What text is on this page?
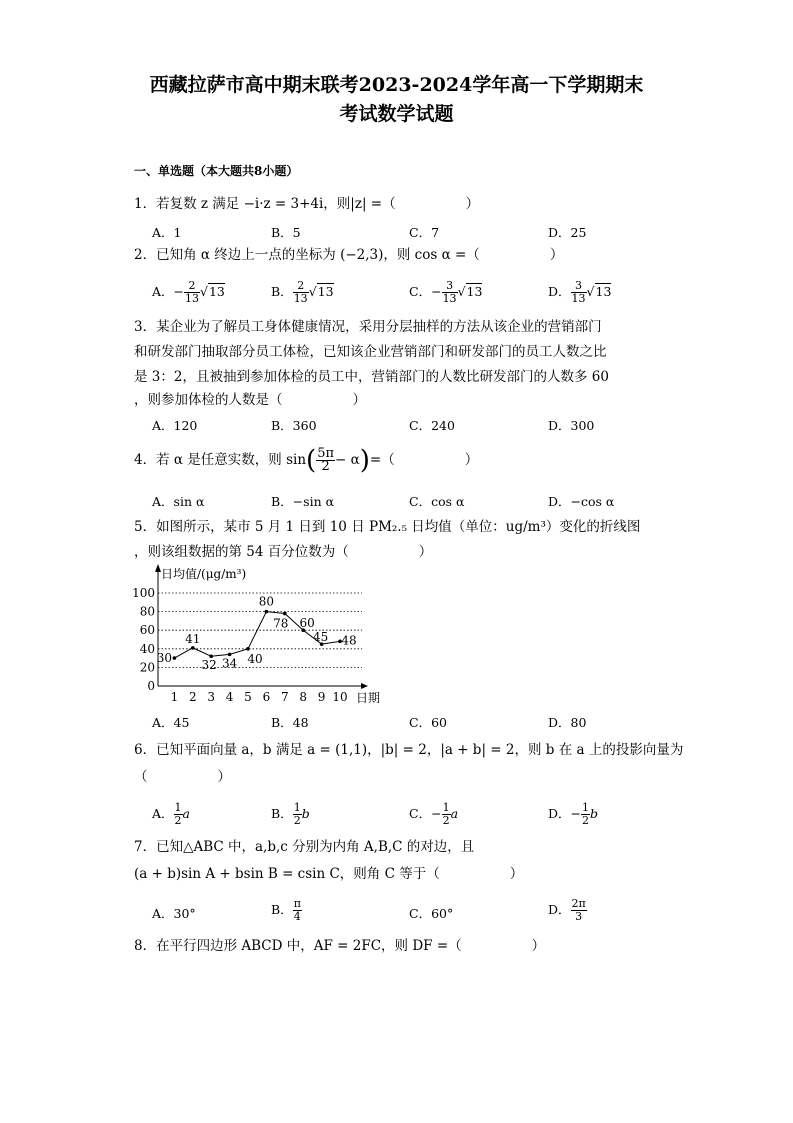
西藏拉萨市高中期末联考2023-2024学年高一下学期期末
考试数学试题
一、单选题（本大题共8小题）
1．若复数 z 满足 −i·z = 3+4i，则|z| =（	）
A．1	B．5	C．7	D．25
2．已知角 α 终边上一点的坐标为 (−2,3)，则 cos α =（	）
A．− $\frac{2}{13} √13$	B． $\frac{2}{13} √13$	C．− $\frac{3}{13} √13$	D． $\frac{3}{13} √13$
3．某企业为了解员工身体健康情况，采用分层抽样的方法从该企业的营销部门
和研发部门抽取部分员工体检，已知该企业营销部门和研发部门的员工人数之比
是 3：2，且被抽到参加体检的员工中，营销部门的人数比研发部门的人数多 60
，则参加体检的人数是（	）
A．120	B．360	C．240	D．300
4．若 α 是任意实数，则 $\sin( \frac{5\pi}{2} - \alpha)=$（	）
A．sin α	B．−sin α	C．cos α	D．−cos α
5．如图所示，某市 5 月 1 日到 10 日 PM₂.₅ 日均值（单位：ug/m³）变化的折线图
，则该组数据的第 54 百分位数为（	）
0
20
40
60
80
100
1 2 3 4 5 6 7 8 9 10
日均值/(μg/m³)
日期
30
41
32 34 40
80
78 60
45 48
A．45	B．48	C．60	D．80
6．已知平面向量 a，b 满足 a = (1,1)，|b| = 2，|a + b| = 2，则 b 在 a 上的投影向量为
（	）
A． $\frac{1}{2}$ a	B． $\frac{1}{2}$ b	C．− $\frac{1}{2}$ a	D．− $\frac{1}{2}$ b
7．已知△ABC 中，a,b,c 分别为内角 A,B,C 的对边，且
(a + b)sin A + bsin B = csin C，则角 C 等于（	）
A．30°	B． $\frac{\pi}{4}$	C．60°	D． $\frac{2\pi}{3}$
8．在平行四边形 ABCD 中，AF = 2FC，则 DF =（	）
